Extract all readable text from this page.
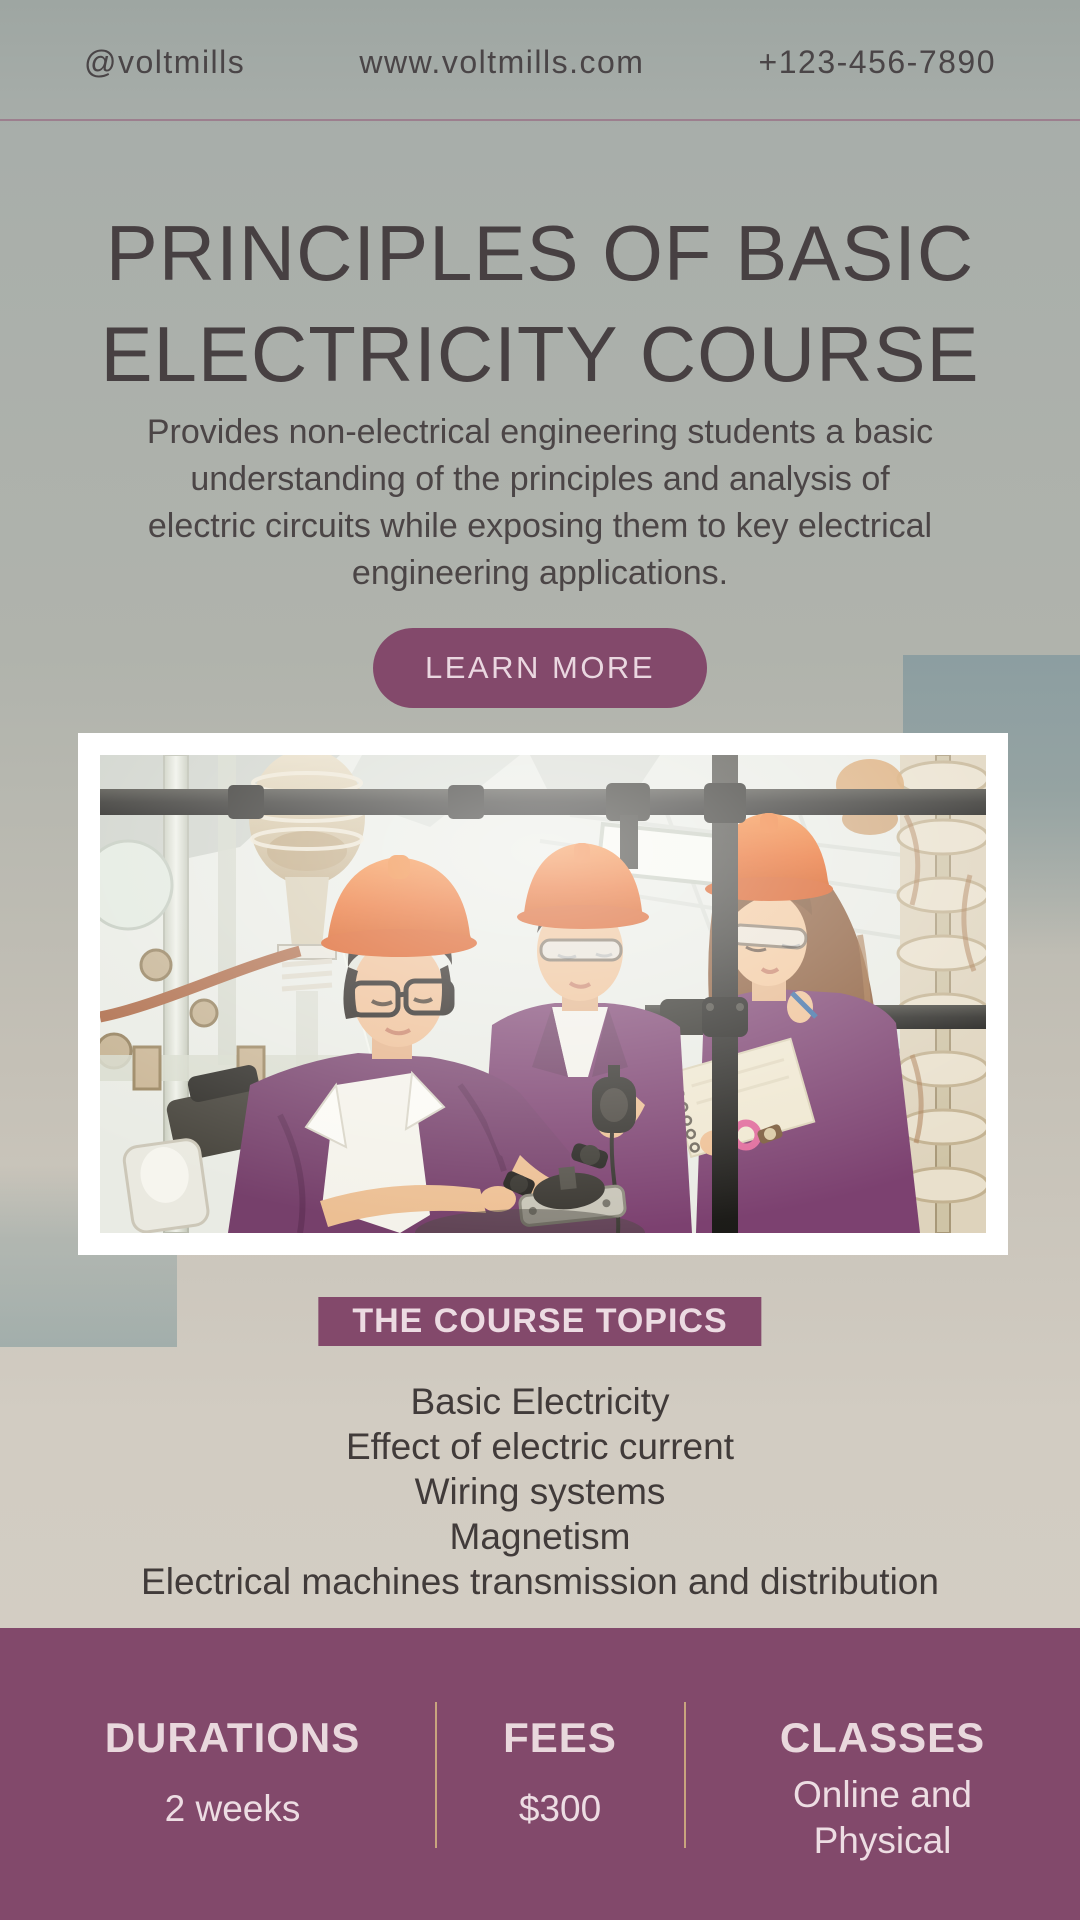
@voltmills	www.voltmills.com	+123-456-7890
PRINCIPLES OF BASIC
ELECTRICITY COURSE
Provides non-electrical engineering students a basic
understanding of the principles and analysis of
electric circuits while exposing them to key electrical
engineering applications.
LEARN MORE
THE COURSE TOPICS
Basic Electricity
Effect of electric current
Wiring systems
Magnetism
Electrical machines transmission and distribution
DURATIONS
2 weeks
FEES
$300
CLASSES
Online and
Physical
